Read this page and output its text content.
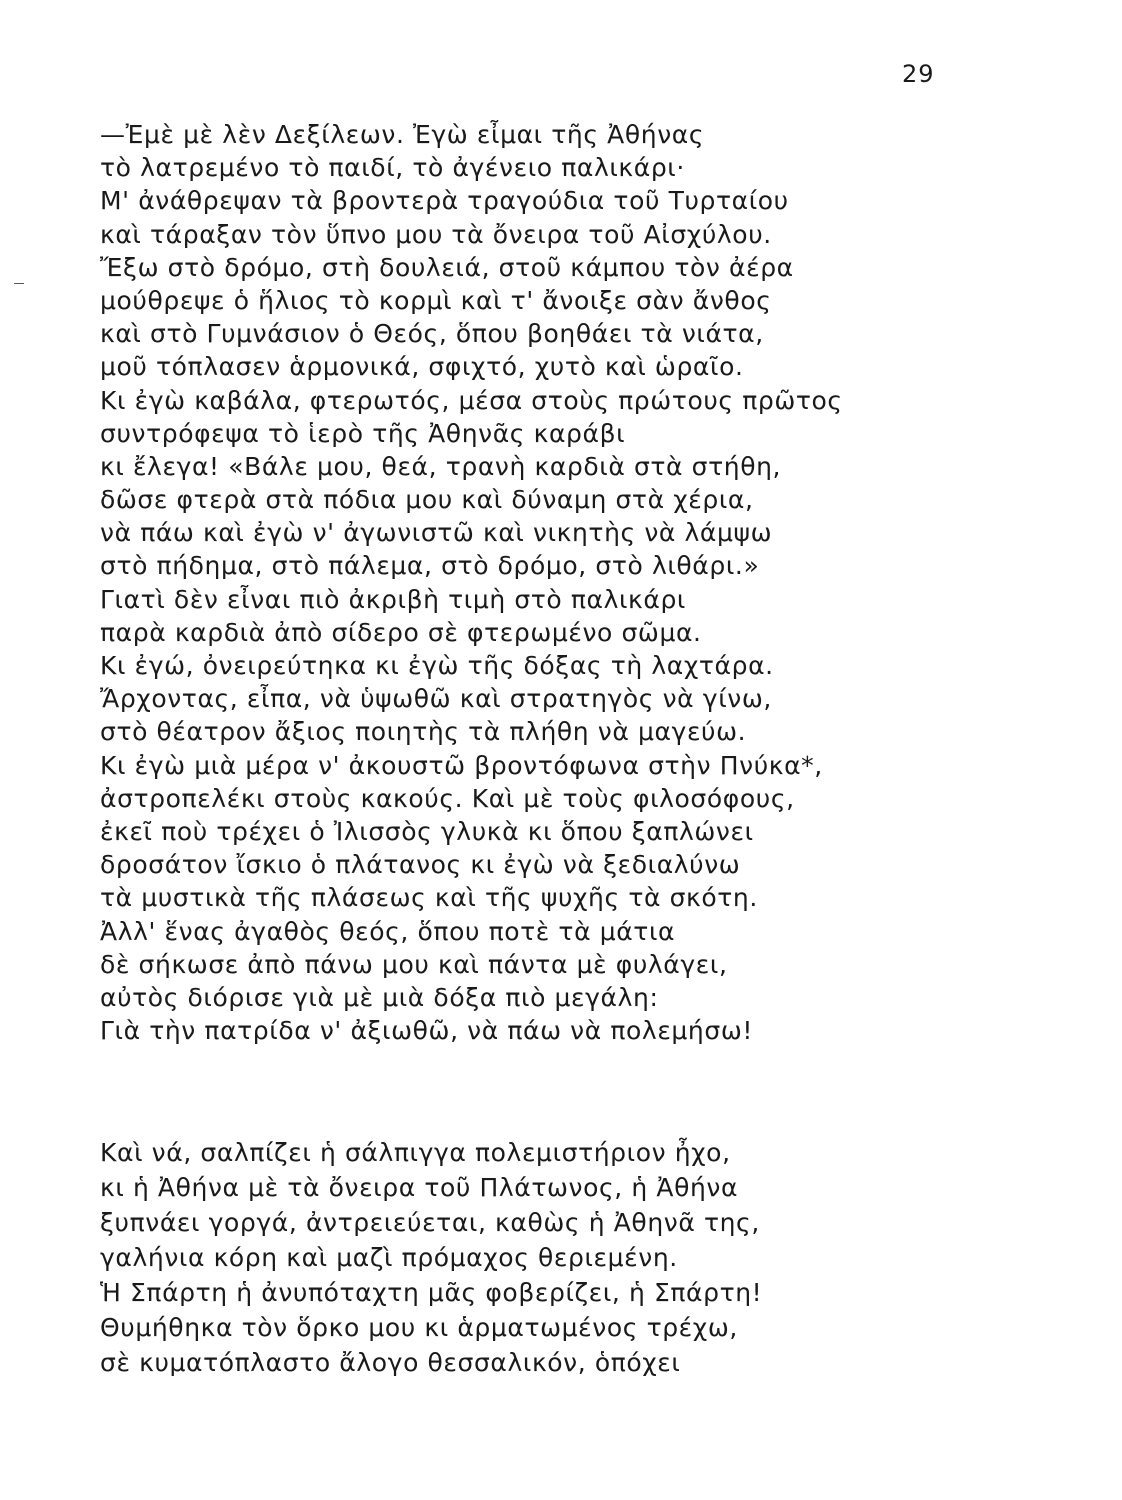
29
—Ἐμὲ μὲ λὲν Δεξίλεων. Ἐγὼ εἶμαι τῆς Ἀθήνας
τὸ λατρεμένο τὸ παιδί, τὸ ἀγένειο παλικάρι·
Μ' ἀνάθρεψαν τὰ βροντερὰ τραγούδια τοῦ Τυρταίου
καὶ τάραξαν τὸν ὕπνο μου τὰ ὄνειρα τοῦ Αἰσχύλου.
Ἔξω στὸ δρόμο, στὴ δουλειά, στοῦ κάμπου τὸν ἀέρα
μούθρεψε ὁ ἥλιος τὸ κορμὶ καὶ τ' ἄνοιξε σὰν ἄνθος
καὶ στὸ Γυμνάσιον ὁ Θεός, ὅπου βοηθάει τὰ νιάτα,
μοῦ τόπλασεν ἁρμονικά, σφιχτό, χυτὸ καὶ ὡραῖο.
Κι ἐγὼ καβάλα, φτερωτός, μέσα στοὺς πρώτους πρῶτος
συντρόφεψα τὸ ἱερὸ τῆς Ἀθηνᾶς καράβι
κι ἔλεγα! «Βάλε μου, θεά, τρανὴ καρδιὰ στὰ στήθη,
δῶσε φτερὰ στὰ πόδια μου καὶ δύναμη στὰ χέρια,
νὰ πάω καὶ ἐγὼ ν' ἀγωνιστῶ καὶ νικητὴς νὰ λάμψω
στὸ πήδημα, στὸ πάλεμα, στὸ δρόμο, στὸ λιθάρι.»
Γιατὶ δὲν εἶναι πιὸ ἀκριβὴ τιμὴ στὸ παλικάρι
παρὰ καρδιὰ ἀπὸ σίδερο σὲ φτερωμένο σῶμα.
Κι ἐγώ, ὀνειρεύτηκα κι ἐγὼ τῆς δόξας τὴ λαχτάρα.
Ἄρχοντας, εἶπα, νὰ ὑψωθῶ καὶ στρατηγὸς νὰ γίνω,
στὸ θέατρον ἄξιος ποιητὴς τὰ πλήθη νὰ μαγεύω.
Κι ἐγὼ μιὰ μέρα ν' ἀκουστῶ βροντόφωνα στὴν Πνύκα*,
ἀστροπελέκι στοὺς κακούς. Καὶ μὲ τοὺς φιλοσόφους,
ἐκεῖ ποὺ τρέχει ὁ Ἰλισσὸς γλυκὰ κι ὅπου ξαπλώνει
δροσάτον ἴσκιο ὁ πλάτανος κι ἐγὼ νὰ ξεδιαλύνω
τὰ μυστικὰ τῆς πλάσεως καὶ τῆς ψυχῆς τὰ σκότη.
Ἀλλ' ἕνας ἀγαθὸς θεός, ὅπου ποτὲ τὰ μάτια
δὲ σήκωσε ἀπὸ πάνω μου καὶ πάντα μὲ φυλάγει,
αὐτὸς διόρισε γιὰ μὲ μιὰ δόξα πιὸ μεγάλη:
Γιὰ τὴν πατρίδα ν' ἀξιωθῶ, νὰ πάω νὰ πολεμήσω!
Καὶ νά, σαλπίζει ἡ σάλπιγγα πολεμιστήριον ἦχο,
κι ἡ Ἀθήνα μὲ τὰ ὄνειρα τοῦ Πλάτωνος, ἡ Ἀθήνα
ξυπνάει γοργά, ἀντρειεύεται, καθὼς ἡ Ἀθηνᾶ της,
γαλήνια κόρη καὶ μαζὶ πρόμαχος θεριεμένη.
Ἡ Σπάρτη ἡ ἀνυπόταχτη μᾶς φοβερίζει, ἡ Σπάρτη!
Θυμήθηκα τὸν ὅρκο μου κι ἁρματωμένος τρέχω,
σὲ κυματόπλαστο ἄλογο θεσσαλικόν, ὁπόχει
